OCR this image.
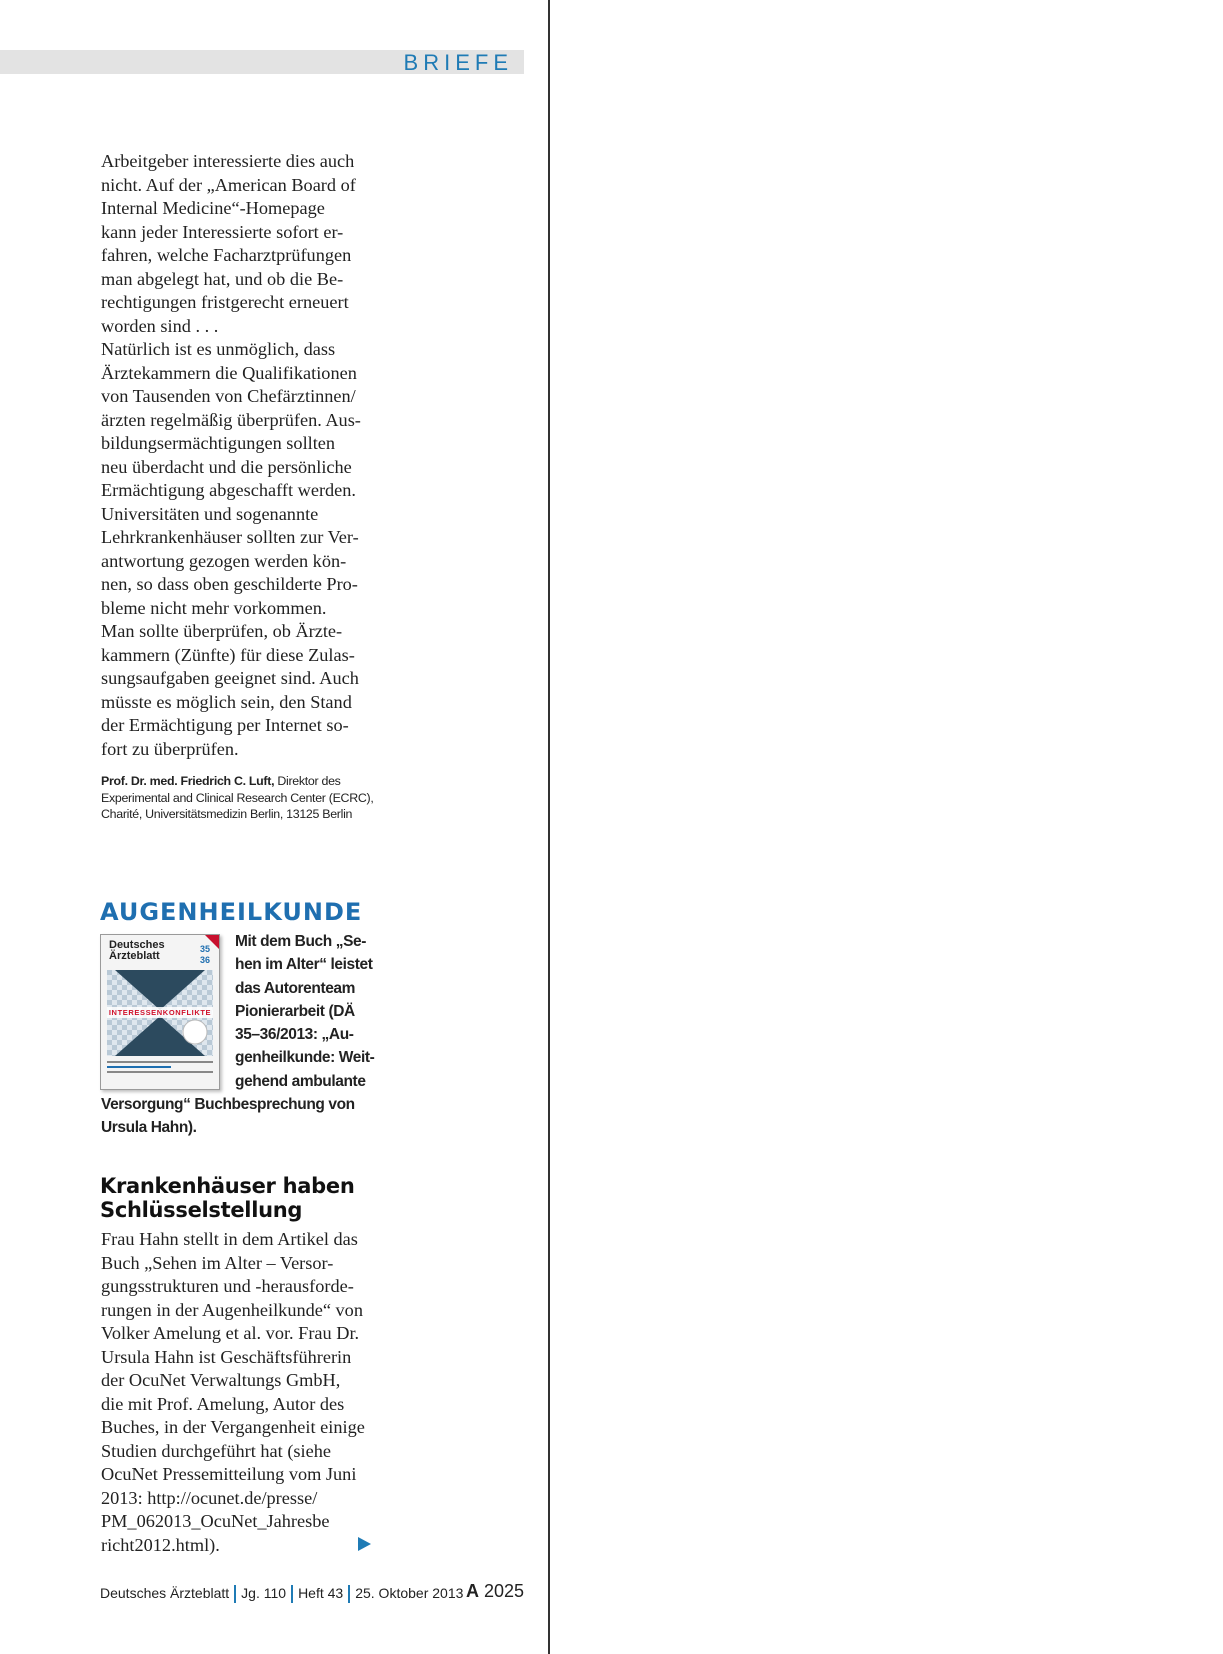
BRIEFE
Arbeitgeber interessierte dies auch
nicht. Auf der „American Board of
Internal Medicine“-Homepage
kann jeder Interessierte sofort er-
fahren, welche Facharztprüfungen
man abgelegt hat, und ob die Be-
rechtigungen fristgerecht erneuert
worden sind . . .
Natürlich ist es unmöglich, dass
Ärztekammern die Qualifikationen
von Tausenden von Chefärztinnen/
ärzten regelmäßig überprüfen. Aus-
bildungsermächtigungen sollten
neu überdacht und die persönliche
Ermächtigung abgeschafft werden.
Universitäten und sogenannte
Lehrkrankenhäuser sollten zur Ver-
antwortung gezogen werden kön-
nen, so dass oben geschilderte Pro-
bleme nicht mehr vorkommen.
Man sollte überprüfen, ob Ärzte-
kammern (Zünfte) für diese Zulas-
sungsaufgaben geeignet sind. Auch
müsste es möglich sein, den Stand
der Ermächtigung per Internet so-
fort zu überprüfen.
Prof. Dr. med. Friedrich C. Luft, Direktor des
Experimental and Clinical Research Center (ECRC),
Charité, Universitätsmedizin Berlin, 13125 Berlin
AUGENHEILKUNDE
Deutsches
Ärzteblatt
35
36
INTERESSENKONFLIKTE
Mit dem Buch „Se-
hen im Alter“ leistet
das Autorenteam
Pionierarbeit (DÄ
35–36/2013: „Au-
genheilkunde: Weit-
gehend ambulante
Versorgung“ Buchbesprechung von
Ursula Hahn).
Krankenhäuser haben
Schlüsselstellung
Frau Hahn stellt in dem Artikel das
Buch „Sehen im Alter – Versor-
gungsstrukturen und -herausforde-
rungen in der Augenheilkunde“ von
Volker Amelung et al. vor. Frau Dr.
Ursula Hahn ist Geschäftsführerin
der OcuNet Verwaltungs GmbH,
die mit Prof. Amelung, Autor des
Buches, in der Vergangenheit einige
Studien durchgeführt hat (siehe
OcuNet Pressemitteilung vom Juni
2013: http://ocunet.de/presse/
PM_062013_OcuNet_Jahresbe
richt2012.html).
Deutsches Ärzteblatt Jg. 110 Heft 43 25. Oktober 2013 A 2025
